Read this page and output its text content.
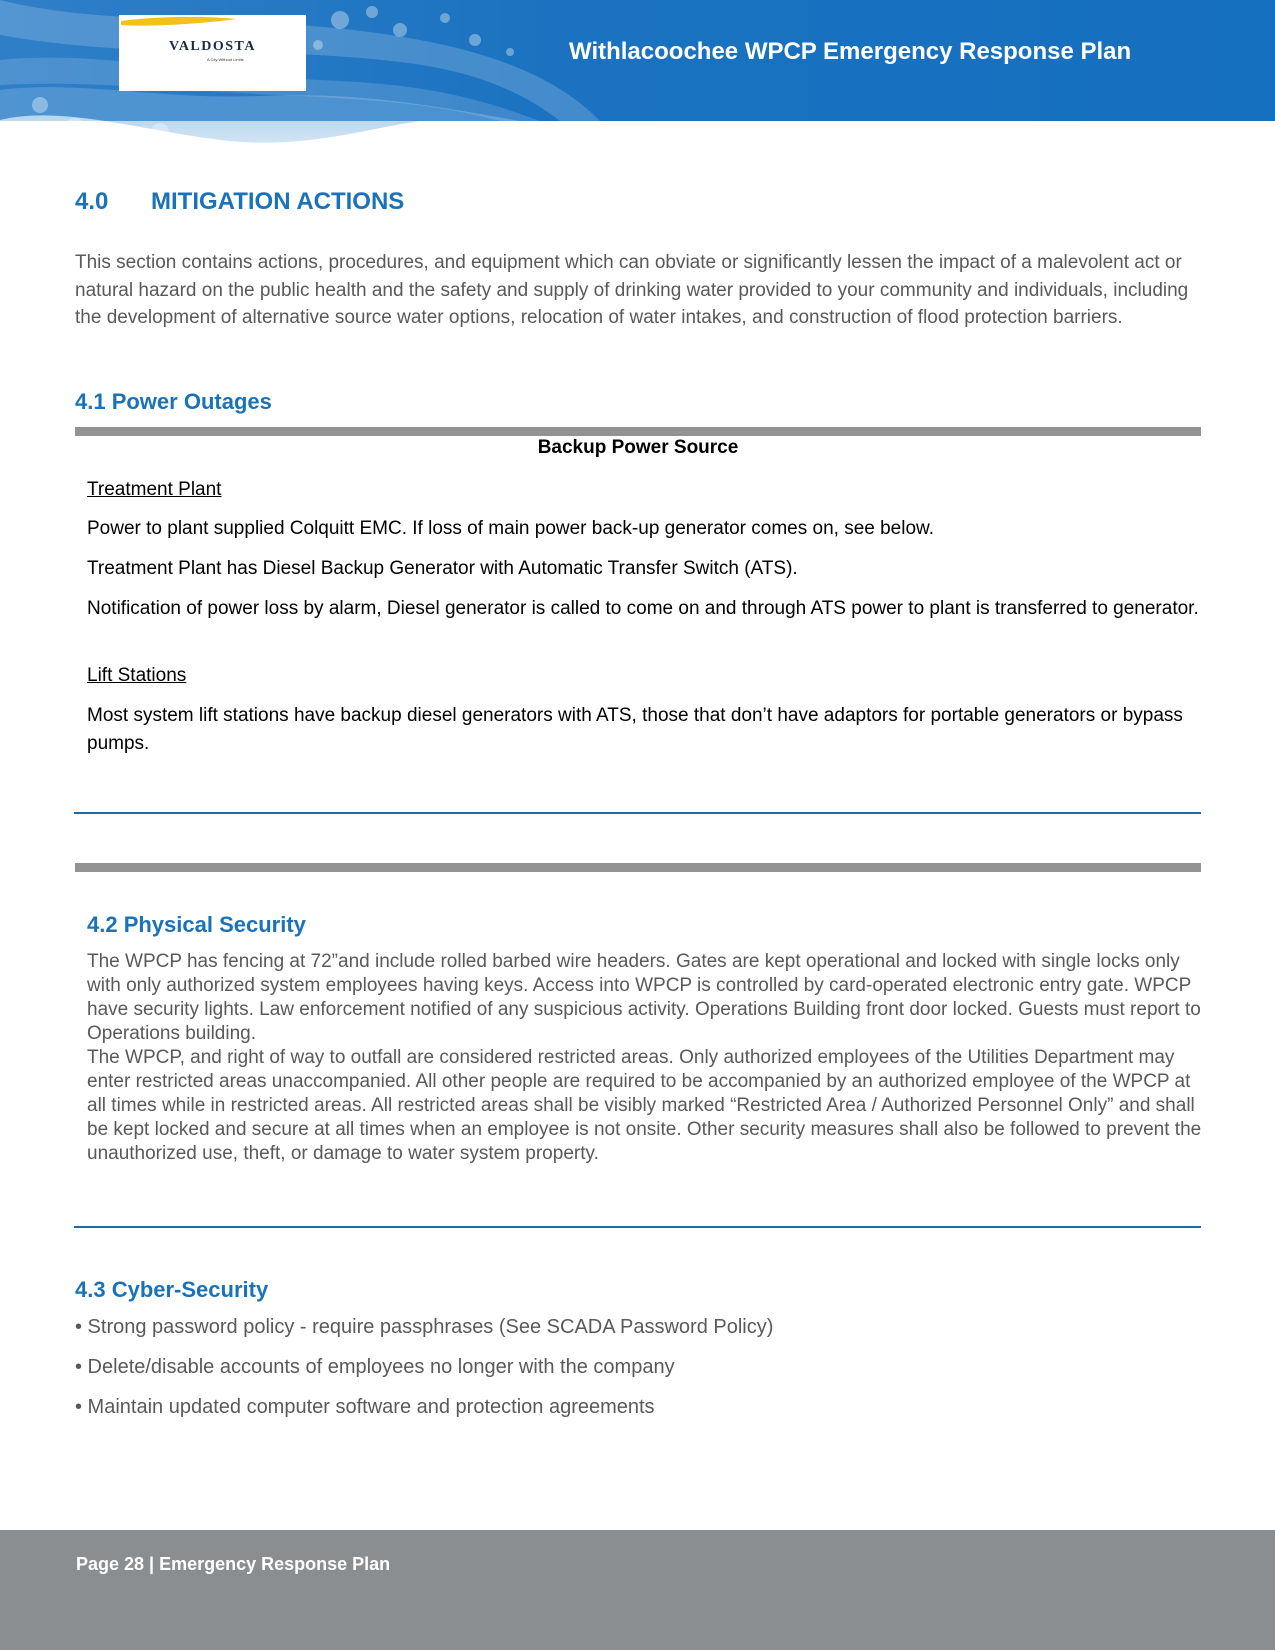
VALDOSTA
A City Without Limits	Withlacoochee WPCP Emergency Response Plan
4.0 MITIGATION ACTIONS

This section contains actions, procedures, and equipment which can obviate or significantly lessen the impact of a malevolent act or natural hazard on the public health and the safety and supply of drinking water provided to your community and individuals, including the development of alternative source water options, relocation of water intakes, and construction of flood protection barriers.

4.1 Power Outages
Backup Power Source

Treatment Plant

Power to plant supplied Colquitt EMC. If loss of main power back-up generator comes on, see below.

Treatment Plant has Diesel Backup Generator with Automatic Transfer Switch (ATS).

Notification of power loss by alarm, Diesel generator is called to come on and through ATS power to plant is transferred to generator.

Lift Stations

Most system lift stations have backup diesel generators with ATS, those that don’t have adaptors for portable generators or bypass pumps.

4.2 Physical Security

The WPCP has fencing at 72”and include rolled barbed wire headers. Gates are kept operational and locked with single locks only with only authorized system employees having keys. Access into WPCP is controlled by card-operated electronic entry gate. WPCP have security lights. Law enforcement notified of any suspicious activity. Operations Building front door locked. Guests must report to Operations building.

The WPCP, and right of way to outfall are considered restricted areas. Only authorized employees of the Utilities Department may enter restricted areas unaccompanied. All other people are required to be accompanied by an authorized employee of the WPCP at all times while in restricted areas. All restricted areas shall be visibly marked “Restricted Area / Authorized Personnel Only” and shall be kept locked and secure at all times when an employee is not onsite. Other security measures shall also be followed to prevent the unauthorized use, theft, or damage to water system property.

4.3 Cyber-Security
• Strong password policy - require passphrases (See SCADA Password Policy)
• Delete/disable accounts of employees no longer with the company
• Maintain updated computer software and protection agreements
Page 28 | Emergency Response Plan
